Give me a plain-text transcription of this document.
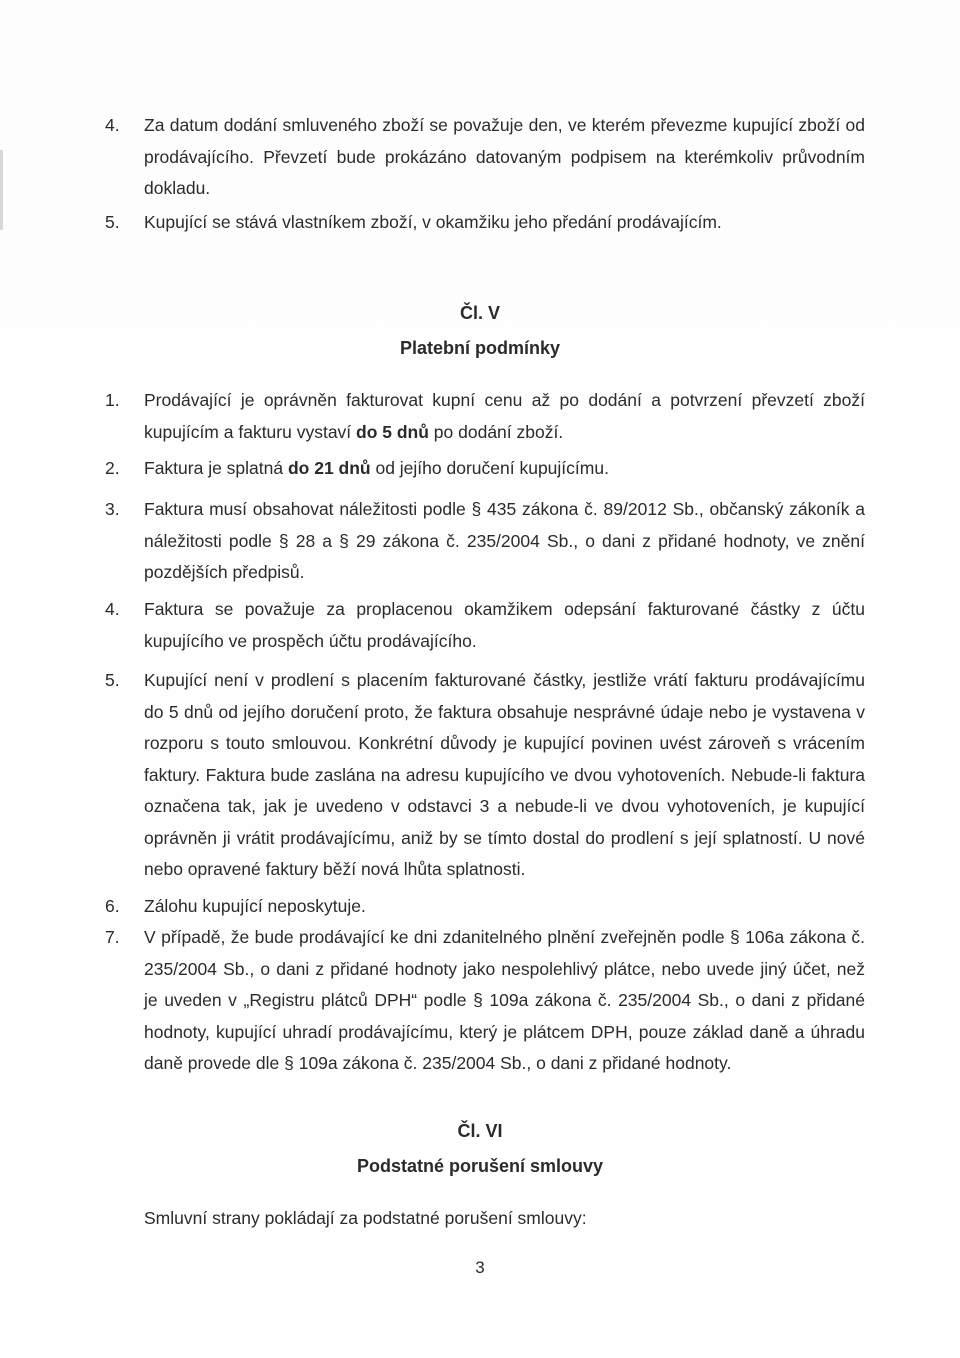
4.	Za datum dodání smluveného zboží se považuje den, ve kterém převezme kupující zboží od prodávajícího. Převzetí bude prokázáno datovaným podpisem na kterémkoliv průvodním dokladu.
5.	Kupující se stává vlastníkem zboží, v okamžiku jeho předání prodávajícím.
Čl. V
Platební podmínky
1.	Prodávající je oprávněn fakturovat kupní cenu až po dodání a potvrzení převzetí zboží kupujícím a fakturu vystaví do 5 dnů po dodání zboží.
2.	Faktura je splatná do 21 dnů od jejího doručení kupujícímu.
3.	Faktura musí obsahovat náležitosti podle § 435 zákona č. 89/2012 Sb., občanský zákoník a náležitosti podle § 28 a § 29 zákona č. 235/2004 Sb., o dani z přidané hodnoty, ve znění pozdějších předpisů.
4.	Faktura se považuje za proplacenou okamžikem odepsání fakturované částky z účtu kupujícího ve prospěch účtu prodávajícího.
5.	Kupující není v prodlení s placením fakturované částky, jestliže vrátí fakturu prodávajícímu do 5 dnů od jejího doručení proto, že faktura obsahuje nesprávné údaje nebo je vystavena v rozporu s touto smlouvou. Konkrétní důvody je kupující povinen uvést zároveň s vrácením faktury. Faktura bude zaslána na adresu kupujícího ve dvou vyhotoveních. Nebude-li faktura označena tak, jak je uvedeno v odstavci 3 a nebude-li ve dvou vyhotoveních, je kupující oprávněn ji vrátit prodávajícímu, aniž by se tímto dostal do prodlení s její splatností. U nové nebo opravené faktury běží nová lhůta splatnosti.
6.	Zálohu kupující neposkytuje.
7.	V případě, že bude prodávající ke dni zdanitelného plnění zveřejněn podle § 106a zákona č. 235/2004 Sb., o dani z přidané hodnoty jako nespolehlivý plátce, nebo uvede jiný účet, než je uveden v „Registru plátců DPH“ podle § 109a zákona č. 235/2004 Sb., o dani z přidané hodnoty, kupující uhradí prodávajícímu, který je plátcem DPH, pouze základ daně a úhradu daně provede dle § 109a zákona č. 235/2004 Sb., o dani z přidané hodnoty.
Čl. VI
Podstatné porušení smlouvy
Smluvní strany pokládají za podstatné porušení smlouvy:
3
